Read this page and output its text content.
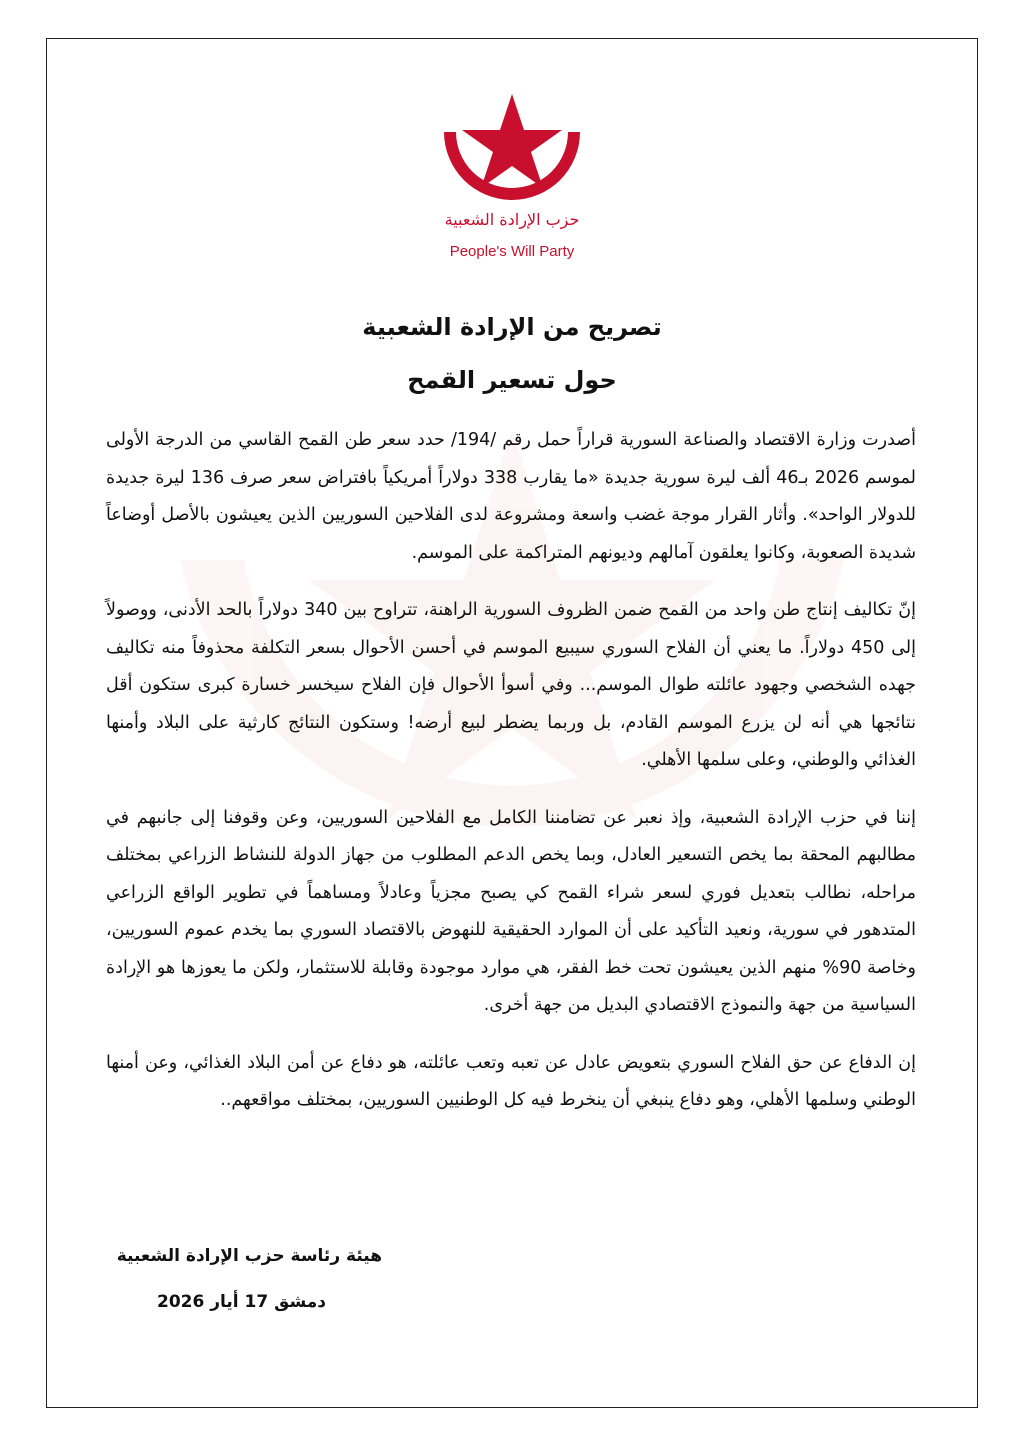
حزب الإرادة الشعبية
People's Will Party
تصريح من الإرادة الشعبية
حول تسعير القمح

أصدرت وزارة الاقتصاد والصناعة السورية قراراً حمل رقم /194/ حدد سعر طن القمح القاسي من الدرجة الأولى لموسم 2026 بـ46 ألف ليرة سورية جديدة «ما يقارب 338 دولاراً أمريكياً بافتراض سعر صرف 136 ليرة جديدة للدولار الواحد». وأثار القرار موجة غضب واسعة ومشروعة لدى الفلاحين السوريين الذين يعيشون بالأصل أوضاعاً شديدة الصعوبة، وكانوا يعلقون آمالهم وديونهم المتراكمة على الموسم.

إنّ تكاليف إنتاج طن واحد من القمح ضمن الظروف السورية الراهنة، تتراوح بين 340 دولاراً بالحد الأدنى، ووصولاً إلى 450 دولاراً. ما يعني أن الفلاح السوري سيبيع الموسم في أحسن الأحوال بسعر التكلفة محذوفاً منه تكاليف جهده الشخصي وجهود عائلته طوال الموسم... وفي أسوأ الأحوال فإن الفلاح سيخسر خسارة كبرى ستكون أقل نتائجها هي أنه لن يزرع الموسم القادم، بل وربما يضطر لبيع أرضه! وستكون النتائج كارثية على البلاد وأمنها الغذائي والوطني، وعلى سلمها الأهلي.

إننا في حزب الإرادة الشعبية، وإذ نعبر عن تضامننا الكامل مع الفلاحين السوريين، وعن وقوفنا إلى جانبهم في مطالبهم المحقة بما يخص التسعير العادل، وبما يخص الدعم المطلوب من جهاز الدولة للنشاط الزراعي بمختلف مراحله، نطالب بتعديل فوري لسعر شراء القمح كي يصبح مجزياً وعادلاً ومساهماً في تطوير الواقع الزراعي المتدهور في سورية، ونعيد التأكيد على أن الموارد الحقيقية للنهوض بالاقتصاد السوري بما يخدم عموم السوريين، وخاصة 90% منهم الذين يعيشون تحت خط الفقر، هي موارد موجودة وقابلة للاستثمار، ولكن ما يعوزها هو الإرادة السياسية من جهة والنموذج الاقتصادي البديل من جهة أخرى.

إن الدفاع عن حق الفلاح السوري بتعويض عادل عن تعبه وتعب عائلته، هو دفاع عن أمن البلاد الغذائي، وعن أمنها الوطني وسلمها الأهلي، وهو دفاع ينبغي أن ينخرط فيه كل الوطنيين السوريين، بمختلف مواقعهم..

هيئة رئاسة حزب الإرادة الشعبية
دمشق 17 أيار 2026
